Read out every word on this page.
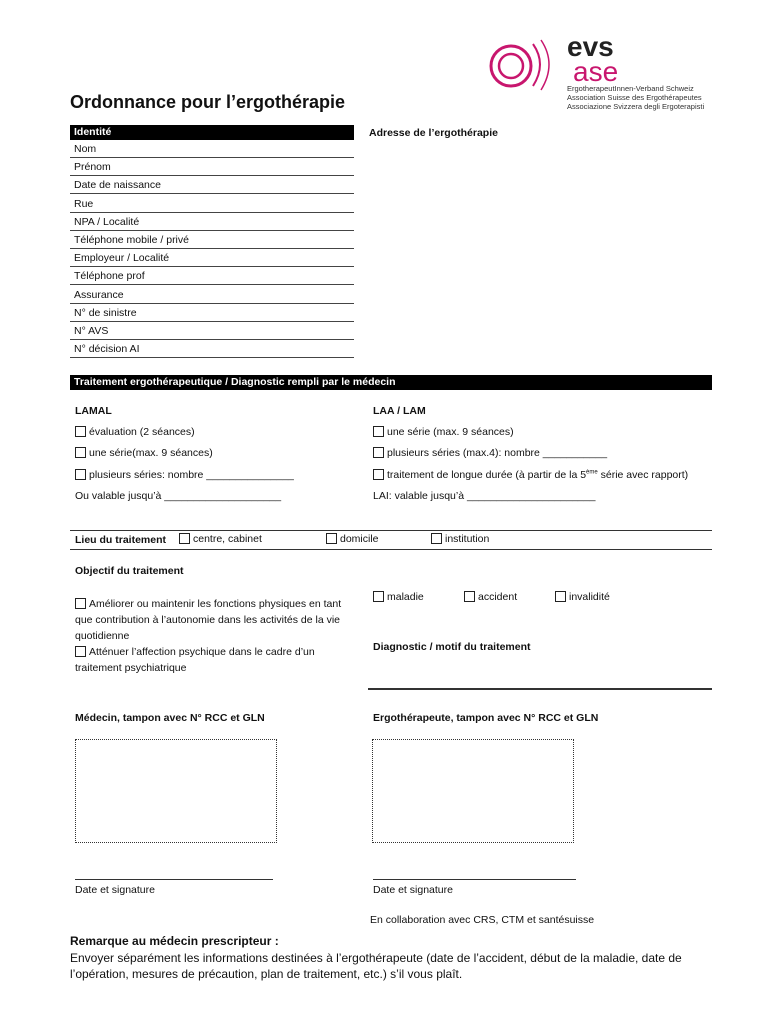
evs
ase
ErgotherapeutInnen-Verband Schweiz
Association Suisse des Ergothérapeutes
Associazione Svizzera degli Ergoterapisti
Ordonnance pour l’ergothérapie
Identité
Nom
Prénom
Date de naissance
Rue
NPA / Localité
Téléphone mobile / privé
Employeur / Localité
Téléphone prof
Assurance
N° de sinistre
N° AVS
N° décision AI
Adresse de l’ergothérapie
Traitement ergothérapeutique / Diagnostic rempli par le médecin
LAMAL
évaluation (2 séances)
une série(max. 9 séances)
plusieurs séries: nombre _______________
Ou valable jusqu’à ____________________
LAA / LAM
une série (max. 9 séances)
plusieurs séries (max.4): nombre ___________
traitement de longue durée (à partir de la 5ème série avec rapport)
LAI: valable jusqu’à ______________________
Lieu du traitement	centre, cabinet	domicile	institution
Objectif du traitement
Améliorer ou maintenir les fonctions physiques en tant que contribution à l’autonomie dans les activités de la vie quotidienne
Atténuer l’affection psychique dans le cadre d’un traitement psychiatrique
maladie	accident	invalidité
Diagnostic / motif du traitement
Médecin, tampon avec N° RCC et GLN	Ergothérapeute, tampon avec N° RCC et GLN
Date et signature	Date et signature
En collaboration avec CRS, CTM et santésuisse
Remarque au médecin prescripteur :
Envoyer séparément les informations destinées à l’ergothérapeute (date de l’accident, début de la maladie, date de l’opération, mesures de précaution, plan de traitement, etc.) s’il vous plaît.
